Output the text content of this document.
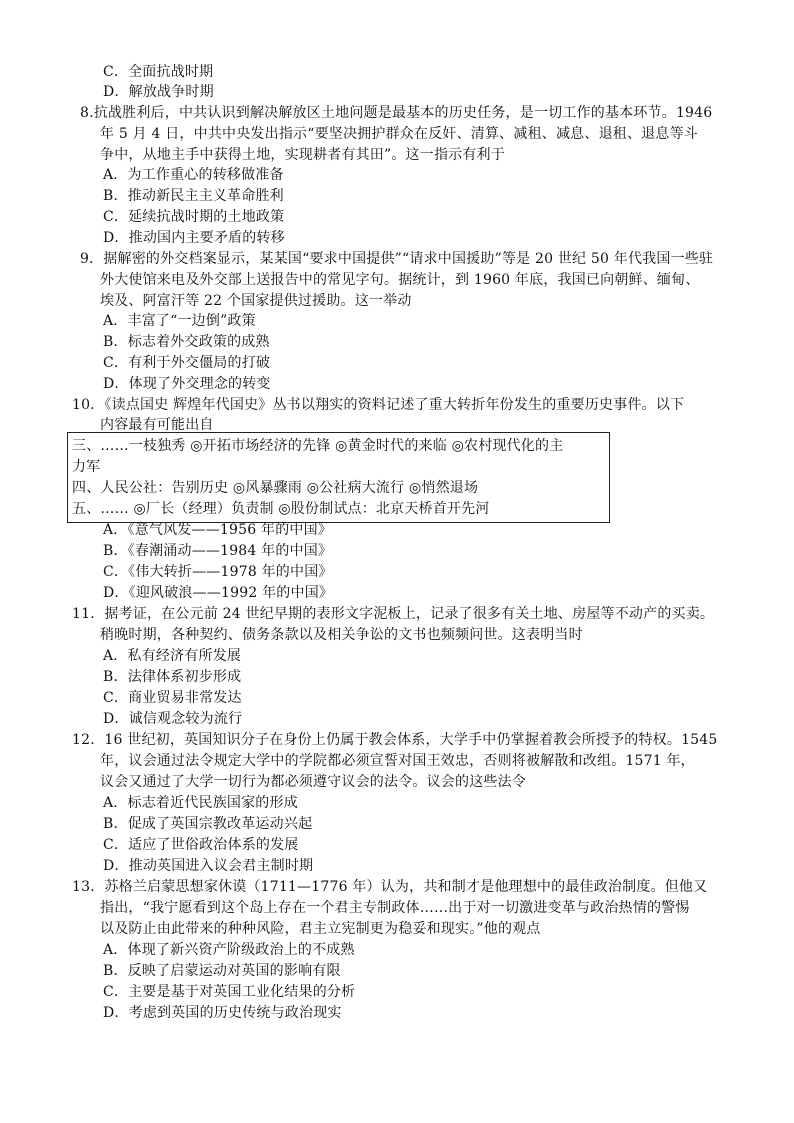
C．全面抗战时期
D．解放战争时期
8.抗战胜利后，中共认识到解决解放区土地问题是最基本的历史任务，是一切工作的基本环节。1946
年 5 月 4 日，中共中央发出指示“要坚决拥护群众在反奸、清算、减租、减息、退租、退息等斗
争中，从地主手中获得土地，实现耕者有其田”。这一指示有利于
A．为工作重心的转移做准备
B．推动新民主主义革命胜利
C．延续抗战时期的土地政策
D．推动国内主要矛盾的转移
9．据解密的外交档案显示，某某国“要求中国提供”“请求中国援助”等是 20 世纪 50 年代我国一些驻
外大使馆来电及外交部上送报告中的常见字句。据统计，到 1960 年底，我国已向朝鲜、缅甸、
埃及、阿富汗等 22 个国家提供过援助。这一举动
A．丰富了“一边倒”政策
B．标志着外交政策的成熟
C．有利于外交僵局的打破
D．体现了外交理念的转变
10．《读点国史 辉煌年代国史》丛书以翔实的资料记述了重大转折年份发生的重要历史事件。以下
内容最有可能出自
三、……一枝独秀 ◎开拓市场经济的先锋 ◎黄金时代的来临 ◎农村现代化的主
力军
四、人民公社：告别历史 ◎风暴骤雨 ◎公社病大流行 ◎悄然退场
五、…… ◎厂长（经理）负责制 ◎股份制试点：北京天桥首开先河
A．《意气风发——1956 年的中国》
B．《春潮涌动——1984 年的中国》
C．《伟大转折——1978 年的中国》
D．《迎风破浪——1992 年的中国》
11．据考证，在公元前 24 世纪早期的表形文字泥板上，记录了很多有关土地、房屋等不动产的买卖。
稍晚时期，各种契约、债务条款以及相关争讼的文书也频频问世。这表明当时
A．私有经济有所发展
B．法律体系初步形成
C．商业贸易非常发达
D．诚信观念较为流行
12．16 世纪初，英国知识分子在身份上仍属于教会体系，大学手中仍掌握着教会所授予的特权。1545
年，议会通过法令规定大学中的学院都必须宣誓对国王效忠，否则将被解散和改组。1571 年，
议会又通过了大学一切行为都必须遵守议会的法令。议会的这些法令
A．标志着近代民族国家的形成
B．促成了英国宗教改革运动兴起
C．适应了世俗政治体系的发展
D．推动英国进入议会君主制时期
13．苏格兰启蒙思想家休谟（1711—1776 年）认为，共和制才是他理想中的最佳政治制度。但他又
指出，“我宁愿看到这个岛上存在一个君主专制政体……出于对一切激进变革与政治热情的警惕
以及防止由此带来的种种风险，君主立宪制更为稳妥和现实。”他的观点
A．体现了新兴资产阶级政治上的不成熟
B．反映了启蒙运动对英国的影响有限
C．主要是基于对英国工业化结果的分析
D．考虑到英国的历史传统与政治现实
